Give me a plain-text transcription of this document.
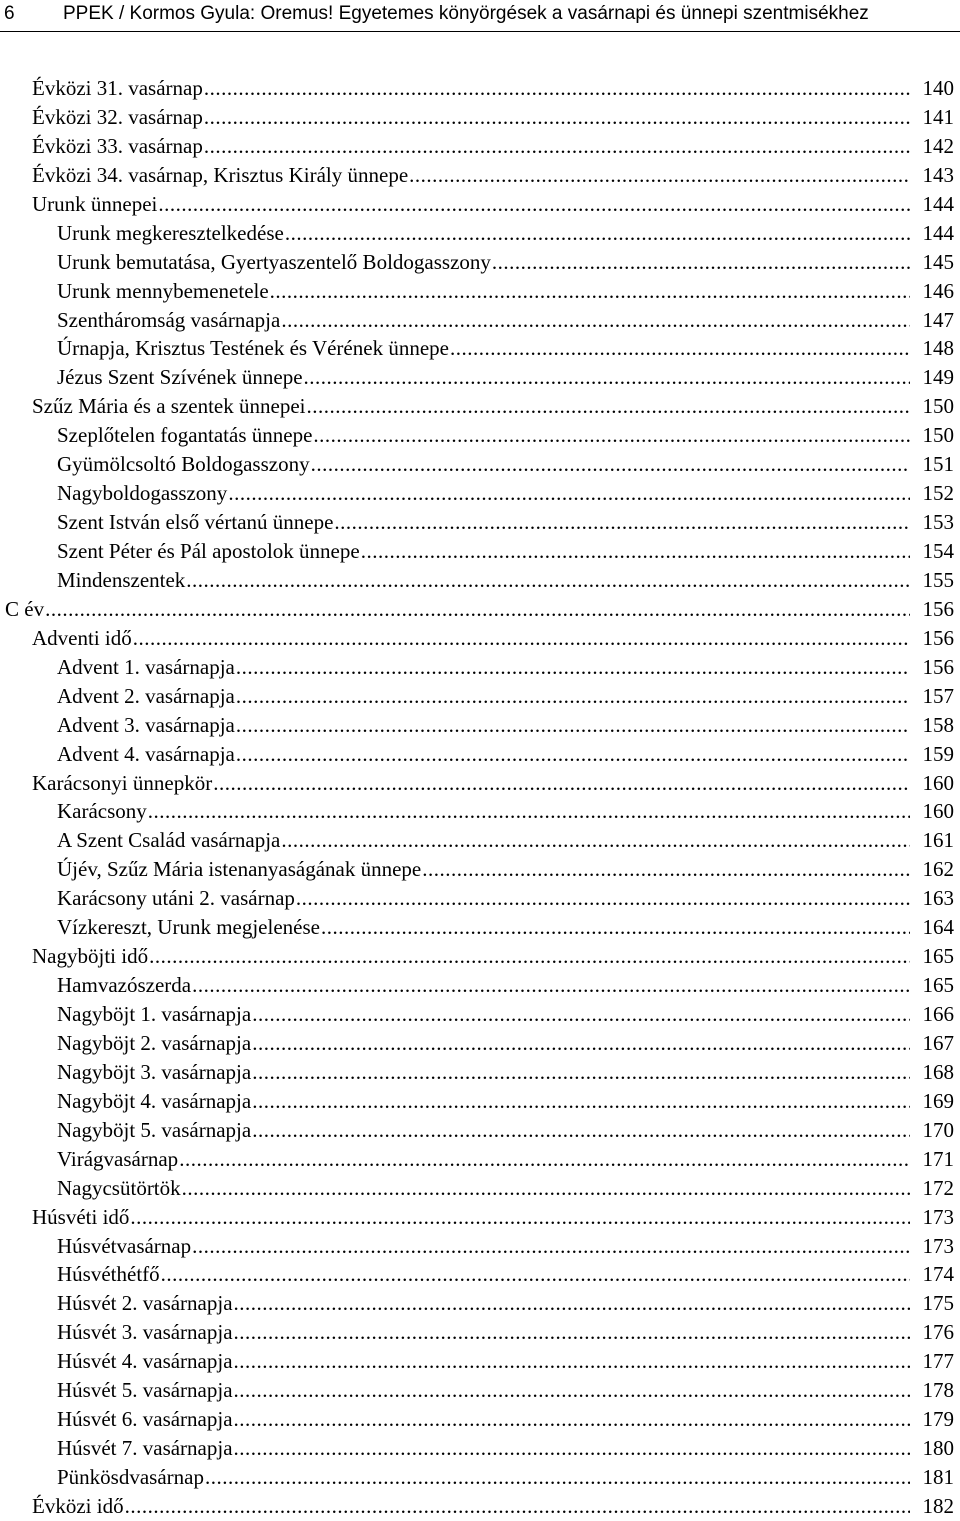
6	PPEK / Kormos Gyula: Oremus! Egyetemes könyörgések a vasárnapi és ünnepi szentmisékhez
Évközi 31. vasárnap .....	140
Évközi 32. vasárnap .....	141
Évközi 33. vasárnap .....	142
Évközi 34. vasárnap, Krisztus Király ünnepe .....	143
Urunk ünnepei .....	144
Urunk megkeresztelkedése .....	144
Urunk bemutatása, Gyertyaszentelő Boldogasszony .....	145
Urunk mennybemenetele .....	146
Szentháromság vasárnapja .....	147
Úrnapja, Krisztus Testének és Vérének ünnepe .....	148
Jézus Szent Szívének ünnepe .....	149
Szűz Mária és a szentek ünnepei .....	150
Szeplőtelen fogantatás ünnepe .....	150
Gyümölcsoltó Boldogasszony .....	151
Nagyboldogasszony .....	152
Szent István első vértanú ünnepe .....	153
Szent Péter és Pál apostolok ünnepe .....	154
Mindenszentek .....	155
C év .....	156
Adventi idő .....	156
Advent 1. vasárnapja .....	156
Advent 2. vasárnapja .....	157
Advent 3. vasárnapja .....	158
Advent 4. vasárnapja .....	159
Karácsonyi ünnepkör .....	160
Karácsony .....	160
A Szent Család vasárnapja .....	161
Újév, Szűz Mária istenanyaságának ünnepe .....	162
Karácsony utáni 2. vasárnap .....	163
Vízkereszt, Urunk megjelenése .....	164
Nagyböjti idő .....	165
Hamvazószerda .....	165
Nagyböjt 1. vasárnapja .....	166
Nagyböjt 2. vasárnapja .....	167
Nagyböjt 3. vasárnapja .....	168
Nagyböjt 4. vasárnapja .....	169
Nagyböjt 5. vasárnapja .....	170
Virágvasárnap .....	171
Nagycsütörtök .....	172
Húsvéti idő .....	173
Húsvétvasárnap .....	173
Húsvéthétfő .....	174
Húsvét 2. vasárnapja .....	175
Húsvét 3. vasárnapja .....	176
Húsvét 4. vasárnapja .....	177
Húsvét 5. vasárnapja .....	178
Húsvét 6. vasárnapja .....	179
Húsvét 7. vasárnapja .....	180
Pünkösdvasárnap .....	181
Évközi idő .....	182
